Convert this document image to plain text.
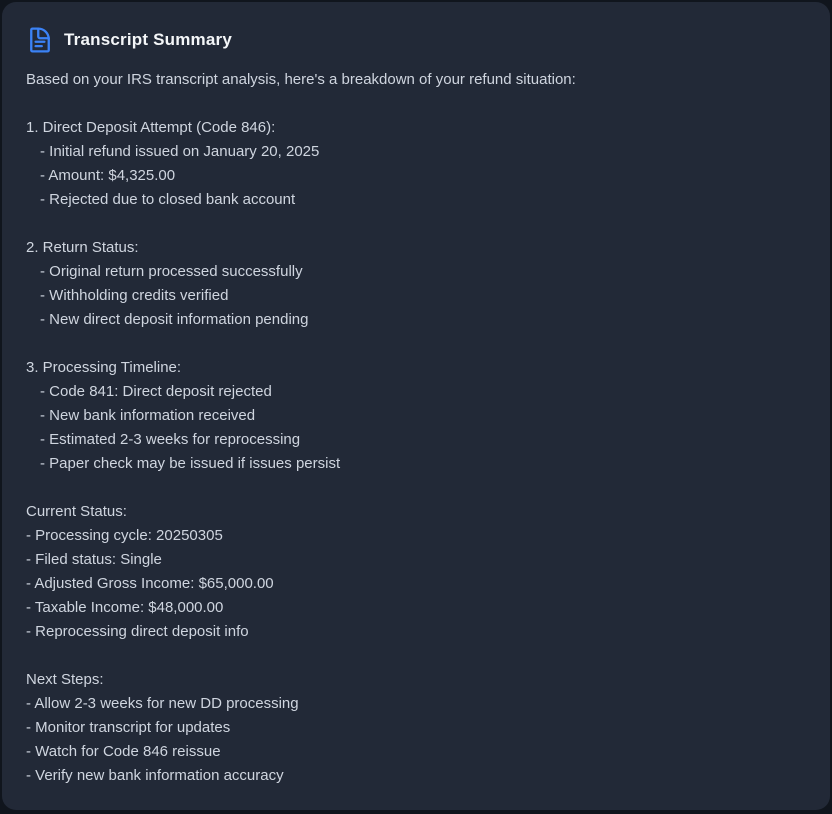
Transcript Summary
Based on your IRS transcript analysis, here's a breakdown of your refund situation:
1. Direct Deposit Attempt (Code 846):
- Initial refund issued on January 20, 2025
- Amount: $4,325.00
- Rejected due to closed bank account
2. Return Status:
- Original return processed successfully
- Withholding credits verified
- New direct deposit information pending
3. Processing Timeline:
- Code 841: Direct deposit rejected
- New bank information received
- Estimated 2-3 weeks for reprocessing
- Paper check may be issued if issues persist
Current Status:
- Processing cycle: 20250305
- Filed status: Single
- Adjusted Gross Income: $65,000.00
- Taxable Income: $48,000.00
- Reprocessing direct deposit info
Next Steps:
- Allow 2-3 weeks for new DD processing
- Monitor transcript for updates
- Watch for Code 846 reissue
- Verify new bank information accuracy
